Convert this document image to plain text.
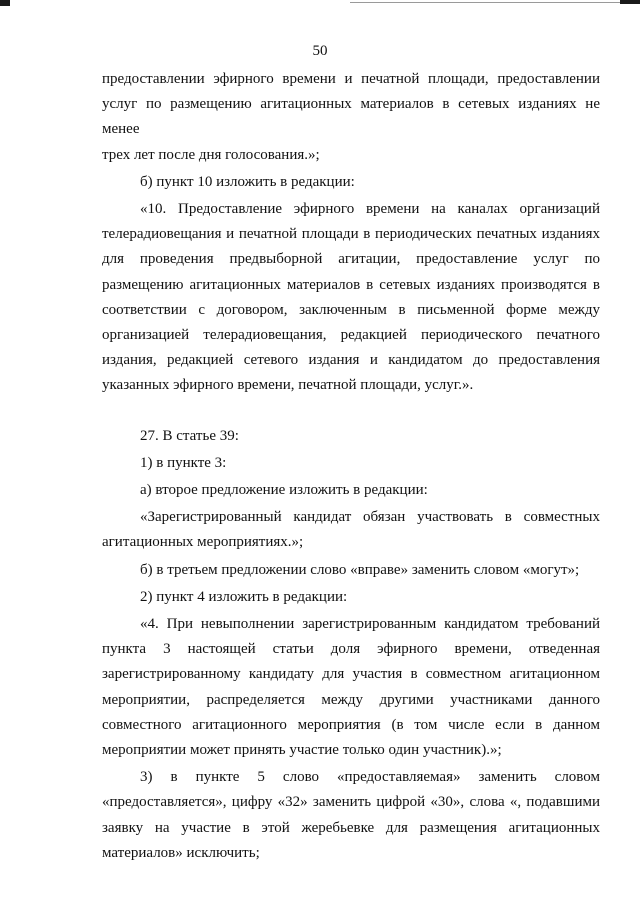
50
предоставлении эфирного времени и печатной площади, предоставлении
услуг по размещению агитационных материалов в сетевых изданиях не менее
трех лет после дня голосования.»;
б) пункт 10 изложить в редакции:
«10. Предоставление эфирного времени на каналах организаций
телерадиовещания и печатной площади в периодических печатных изданиях
для проведения предвыборной агитации, предоставление услуг по
размещению агитационных материалов в сетевых изданиях производятся в
соответствии с договором, заключенным в письменной форме между
организацией телерадиовещания, редакцией периодического печатного
издания, редакцией сетевого издания и кандидатом до предоставления
указанных эфирного времени, печатной площади, услуг.».
27. В статье 39:
1) в пункте 3:
а) второе предложение изложить в редакции:
«Зарегистрированный кандидат обязан участвовать в совместных
агитационных мероприятиях.»;
б) в третьем предложении слово «вправе» заменить словом «могут»;
2) пункт 4 изложить в редакции:
«4. При невыполнении зарегистрированным кандидатом требований
пункта 3 настоящей статьи доля эфирного времени, отведенная
зарегистрированному кандидату для участия в совместном агитационном
мероприятии, распределяется между другими участниками данного
совместного агитационного мероприятия (в том числе если в данном
мероприятии может принять участие только один участник).»;
3) в пункте 5 слово «предоставляемая» заменить словом
«предоставляется», цифру «32» заменить цифрой «30», слова «, подавшими
заявку на участие в этой жеребьевке для размещения агитационных
материалов» исключить;
